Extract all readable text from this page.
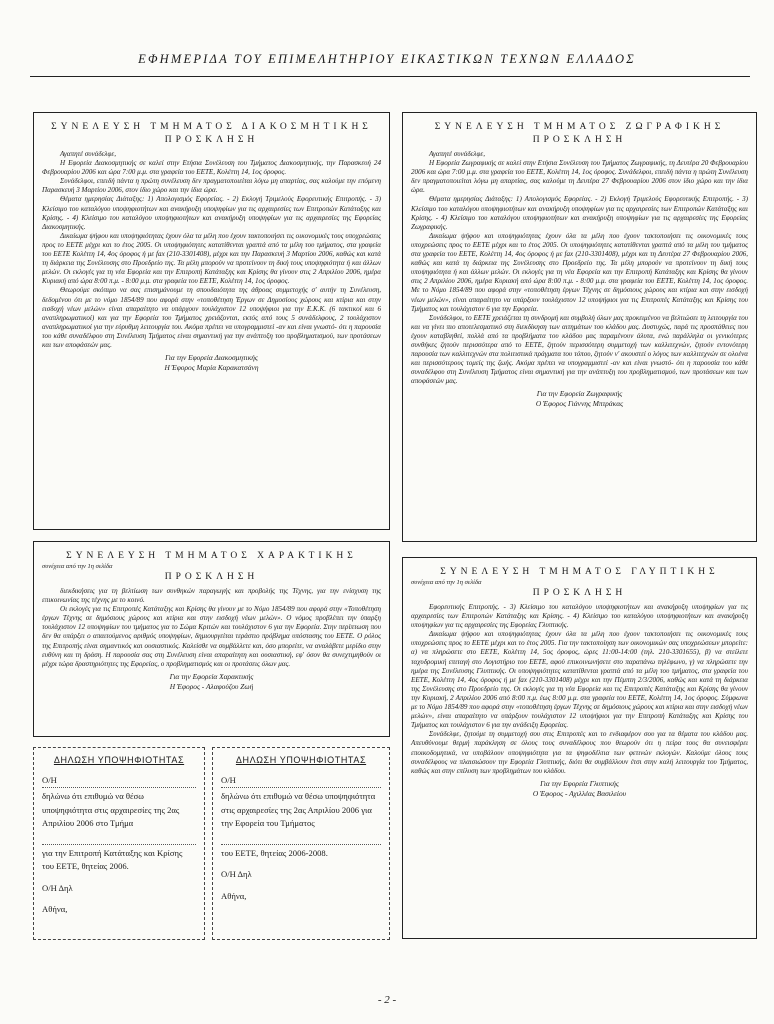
ΕΦΗΜΕΡΙΔΑ ΤΟΥ ΕΠΙΜΕΛΗΤΗΡΙΟΥ ΕΙΚΑΣΤΙΚΩΝ ΤΕΧΝΩΝ ΕΛΛΑΔΟΣ
ΣΥΝΕΛΕΥΣΗ ΤΜΗΜΑΤΟΣ ΔΙΑΚΟΣΜΗΤΙΚΗΣ
ΠΡΟΣΚΛΗΣΗ

Αγαπητέ συνάδελφε,

Η Εφορεία Διακοσμητικής σε καλεί στην Ετήσια Συνέλευση του Τμήματος Διακοσμητικής, την Παρασκευή 24 Φεβρουαρίου 2006 και ώρα 7:00 μ.μ. στα γραφεία του ΕΕΤΕ, Κολέττη 14, 1ος όροφος.

Συνάδελφοι, επειδή πάντα η πρώτη συνέλευση δεν πραγματοποιείται λόγω μη απαρτίας, σας καλούμε την επόμενη Παρασκευή 3 Μαρτίου 2006, στον ίδιο χώρο και την ίδια ώρα.

Θέματα ημερησίας Διάταξης: 1) Απολογισμός Εφορείας. - 2) Εκλογή Τριμελούς Εφορευτικής Επιτροπής. - 3) Κλείσιμο του καταλόγου υποψηφιοτήτων και ανακήρυξη υποψηφίων για τις αρχαιρεσίες των Επιτροπών Κατάταξης και Κρίσης. - 4) Κλείσιμο του καταλόγου υποψηφιοτήτων και ανακήρυξη υποψηφίων για τις αρχαιρεσίες της Εφορείας Διακοσμητικής.

Δικαίωμα ψήφου και υποψηφιότητας έχουν όλα τα μέλη που έχουν τακτοποιήσει τις οικονομικές τους υποχρεώσεις προς το ΕΕΤΕ μέχρι και το έτος 2005. Οι υποψηφιότητες κατατίθενται γραπτά από τα μέλη του τμήματος, στα γραφεία του ΕΕΤΕ Κολέττη 14, 4ος όροφος ή με fax (210-3301408), μέχρι και την Παρασκευή 3 Μαρτίου 2006, καθώς και κατά τη διάρκεια της Συνέλευσης στο Προεδρείο της. Τα μέλη μπορούν να προτείνουν τη δική τους υποψηφιότητα ή και άλλων μελών. Οι εκλογές για τη νέα Εφορεία και την Επιτροπή Κατάταξης και Κρίσης θα γίνουν στις 2 Απριλίου 2006, ημέρα Κυριακή από ώρα 8:00 π.μ. - 8:00 μ.μ. στα γραφεία του ΕΕΤΕ, Κολέττη 14, 1ος όροφος.

Θεωρούμε σκόπιμο να σας επισημάνουμε τη σπουδαιότητα της άθροας συμμετοχής σ' αυτήν τη Συνέλευση, δεδομένου ότι με το νόμο 1854/89 που αφορά στην «τοποθέτηση Έργων σε Δημοσίους χώρους και κτίρια και στην εισδοχή νέων μελών» είναι απαραίτητο να υπάρχουν τουλάχιστον 12 υποψήφιοι για την Ε.Κ.Κ. (6 τακτικοί και 6 αναπληρωματικοί) και για την Εφορεία του Τμήματος χρειάζονται, εκτός από τους 5 συνάδελφους, 2 τουλάχιστον αναπληρωματικοί για την εύρυθμη λειτουργία του. Ακόμα πρέπει να υπογραμμιστεί -αν και είναι γνωστό- ότι η παρουσία του κάθε συναδέλφου στη Συνέλευση Τμήματος είναι σημαντική για την ανάπτυξη του προβληματισμού, των προτάσεων και των αποφάσεών μας.

Για την Εφορεία Διακοσμητικής
Η Έφορος Μαρία Καρακατσάνη
ΣΥΝΕΛΕΥΣΗ ΤΜΗΜΑΤΟΣ ΖΩΓΡΑΦΙΚΗΣ
ΠΡΟΣΚΛΗΣΗ

Αγαπητέ συνάδελφε,

Η Εφορεία Ζωγραφικής σε καλεί στην Ετήσια Συνέλευση του Τμήματος Ζωγραφικής, τη Δευτέρα 20 Φεβρουαρίου 2006 και ώρα 7:00 μ.μ. στα γραφεία του ΕΕΤΕ, Κολέττη 14, 1ος όροφος. Συνάδελφοι, επειδή πάντα η πρώτη Συνέλευση δεν πραγματοποιείται λόγω μη απαρτίας, σας καλούμε τη Δευτέρα 27 Φεβρουαρίου 2006 στον ίδιο χώρο και την ίδια ώρα.

Θέματα ημερησίας Διάταξης: 1) Απολογισμός Εφορείας. - 2) Εκλογή Τριμελούς Εφορευτικής Επιτροπής. - 3) Κλείσιμο του καταλόγου υποψηφιοτήτων και ανακήρυξη υποψηφίων για τις αρχαιρεσίες των Επιτροπών Κατάταξης και Κρίσης. - 4) Κλείσιμο του καταλόγου υποψηφιοτήτων και ανακήρυξη υποψηφίων για τις αρχαιρεσίες της Εφορείας Ζωγραφικής.

Δικαίωμα ψήφου και υποψηφιότητας έχουν όλα τα μέλη που έχουν τακτοποιήσει τις οικονομικές τους υποχρεώσεις προς το ΕΕΤΕ μέχρι και το έτος 2005. Οι υποψηφιότητες κατατίθενται γραπτά από τα μέλη του τμήματος στα γραφεία του ΕΕΤΕ, Κολέττη 14, 4ος όροφος ή με fax (210-3301408), μέχρι και τη Δευτέρα 27 Φεβρουαρίου 2006, καθώς και κατά τη διάρκεια της Συνέλευσης στο Προεδρείο της. Τα μέλη μπορούν να προτείνουν τη δική τους υποψηφιότητα ή και άλλων μελών. Οι εκλογές για τη νέα Εφορεία και την Επιτροπή Κατάταξης και Κρίσης θα γίνουν στις 2 Απριλίου 2006, ημέρα Κυριακή από ώρα 8:00 π.μ. - 8:00 μ.μ. στα γραφεία του ΕΕΤΕ, Κολέττη 14, 1ος όροφος. Με το Νόμο 1854/89 που αφορά στην «τοποθέτηση έργων Τέχνης σε δημόσιους χώρους και κτίρια και στην εισδοχή νέων μελών», είναι απαραίτητο να υπάρξουν τουλάχιστον 12 υποψήφιοι για τις Επιτροπές Κατάταξης και Κρίσης του Τμήματος και τουλάχιστον 6 για την Εφορεία.

Συνάδελφοι, το ΕΕΤΕ χρειάζεται τη συνδρομή και συμβολή όλων μας προκειμένου να βελτιώσει τη λειτουργία του και να γίνει πιο αποτελεσματικό στη διεκδίκηση των αιτημάτων του κλάδου μας. Δυστυχώς, παρά τις προσπάθειες που έχουν καταβληθεί, πολλά από τα προβλήματα του κλάδου μας παραμένουν άλυτα, ενώ παράλληλα οι γενικότερες συνθήκες ζητούν περισσότερα από το ΕΕΤΕ, ζητούν περισσότερη συμμετοχή των καλλιτεχνών, ζητούν εντονότερη παρουσία των καλλιτεχνών στα πολιτιστικά πράγματα του τόπου, ζητούν ν' ακουστεί ο λόγος των καλλιτεχνών σε ολοένα και περισσότερους τομείς της ζωής. Ακόμα πρέπει να υπογραμμιστεί -αν και είναι γνωστό- ότι η παρουσία του κάθε συναδέλφου στη Συνέλευση Τμήματος είναι σημαντική για την ανάπτυξη του προβληματισμού, των προτάσεων και των αποφάσεών μας.

Για την Εφορεία Ζωγραφικής
Ο Έφορος Γιάννης Μπτράκας
ΣΥΝΕΛΕΥΣΗ ΤΜΗΜΑΤΟΣ ΧΑΡΑΚΤΙΚΗΣ
συνέχεια από την 1η σελίδα
ΠΡΟΣΚΛΗΣΗ

διεκδικήσεις για τη βελτίωση των συνθηκών παραγωγής και προβολής της Τέχνης, για την ενίσχυση της επικοινωνίας της τέχνης με το κοινό.

Οι εκλογές για τις Επιτροπές Κατάταξης και Κρίσης θα γίνουν με το Νόμο 1854/89 που αφορά στην «Τοποθέτηση έργων Τέχνης σε δημόσιους χώρους και κτίρια και στην εισδοχή νέων μελών». Ο νόμος προβλέπει την ύπαρξη τουλάχιστον 12 υποψηφίων του τμήματος για το Σώμα Κριτών και τουλάχιστον 6 για την Εφορεία. Στην περίπτωση που δεν θα υπάρξει ο απαιτούμενος αριθμός υποψηφίων, δημιουργείται τεράστιο πρόβλημα υπόστασης του ΕΕΤΕ. Ο ρόλος της Επιτροπής είναι σημαντικός και ουσιαστικός. Καλείσθε να συμβάλλετε και, όσο μπορείτε, να αναλάβετε μερίδιο στην ευθύνη και τη δράση. Η παρουσία σας στη Συνέλευση είναι απαραίτητη και ουσιαστική, εφ' όσον θα συνεχτιμηθούν οι μέχρι τώρα δραστηριότητες της Εφορείας, ο προβληματισμός και οι προτάσεις όλων μας.

Για την Εφορεία Χαρακτικής
Η Έφορος - Αλαφούζου Ζωή
ΣΥΝΕΛΕΥΣΗ ΤΜΗΜΑΤΟΣ ΓΛΥΠΤΙΚΗΣ
συνέχεια από την 1η σελίδα
ΠΡΟΣΚΛΗΣΗ

Εφορευτικής Επιτροπής. - 3) Κλείσιμο του καταλόγου υποψηφιοτήτων και ανακήρυξη υποψηφίων για τις αρχαιρεσίες των Επιτροπών Κατάταξης και Κρίσης. - 4) Κλείσιμο του καταλόγου υποψηφιοτήτων και ανακήρυξη υποψηφίων για τις αρχαιρεσίες της Εφορείας Γλυπτικής.

Δικαίωμα ψήφου και υποψηφιότητας έχουν όλα τα μέλη που έχουν τακτοποιήσει τις οικονομικές τους υποχρεώσεις προς το ΕΕΤΕ μέχρι και το έτος 2005. Για την τακτοποίηση των οικονομικών σας υποχρεώσεων μπορείτε: α) να πληρώσετε στο ΕΕΤΕ, Κολέττη 14, 5ος όροφος, ώρες 11:00-14:00 (τηλ. 210-3301655), β) να στείλετε ταχυδρομική επιταγή στο Λογιστήριο του ΕΕΤΕ, αφού επικοινωνήσετε στο παραπάνω τηλέφωνο, γ) να πληρώσετε την ημέρα της Συνέλευσης Γλυπτικής. Οι υποψηφιότητες κατατίθενται γραπτά από τα μέλη του τμήματος, στα γραφεία του ΕΕΤΕ, Κολέττη 14, 4ος όροφος ή με fax (210-3301408) μέχρι και την Πέμπτη 2/3/2006, καθώς και κατά τη διάρκεια της Συνέλευσης στο Προεδρείο της. Οι εκλογές για τη νέα Εφορεία και τις Επιτροπές Κατάταξης και Κρίσης θα γίνουν την Κυριακή, 2 Απριλίου 2006 από 8:00 π.μ. έως 8:00 μ.μ. στα γραφεία του ΕΕΤΕ, Κολέττη 14, 1ος όροφος. Σύμφωνα με το Νόμο 1854/89 που αφορά στην «τοποθέτηση έργων Τέχνης σε δημόσιους χώρους και κτίρια και στην εισδοχή νέων μελών», είναι απαραίτητο να υπάρξουν τουλάχιστον 12 υποψήφιοι για την Επιτροπή Κατάταξης και Κρίσης του Τμήματος και τουλάχιστον 6 για την ανάδειξη Εφορείας.

Συνάδελφε, ζητούμε τη συμμετοχή σου στις Επιτροπές και το ενδιαφέρον σου για τα θέματα του κλάδου μας. Απευθύνουμε θερμή παράκληση σε όλους τους συναδέλφους που θεωρούν ότι η πείρα τους θα συνεισφέρει εποικοδομητικά, να υποβάλουν υποψηφιότητα για τα ψηφοδέλτια των φετινών εκλογών. Καλούμε όλους τους συναδέλφους να πλαισιώσουν την Εφορεία Γλυπτικής, διότι θα συμβάλλουν έτσι στην καλή λειτουργία του Τμήματος, καθώς και στην επίλυση των προβλημάτων του κλάδου.

Για την Εφορεία Γλυπτικής
Ο Έφορος - Αχιλλέας Βασιλείου
ΔΗΛΩΣΗ ΥΠΟΨΗΦΙΟΤΗΤΑΣ
Ο/Η
δηλώνω ότι επιθυμώ να θέσω υποψηφιότητα στις αρχαιρεσίες της 2ας Απριλίου 2006 στο Τμήμα
για την Επιτροπή Κατάταξης και Κρίσης του ΕΕΤΕ, θητείας 2006.
Ο/Η Δηλ
Αθήνα,
ΔΗΛΩΣΗ ΥΠΟΨΗΦΙΟΤΗΤΑΣ
Ο/Η
δηλώνω ότι επιθυμώ να θέσω υποψηφιότητα στις αρχαιρεσίες της 2ας Απριλίου 2006 για την Εφορεία του Τμήματος
του ΕΕΤΕ, θητείας 2006-2008.
Ο/Η Δηλ
Αθήνα,
- 2 -
